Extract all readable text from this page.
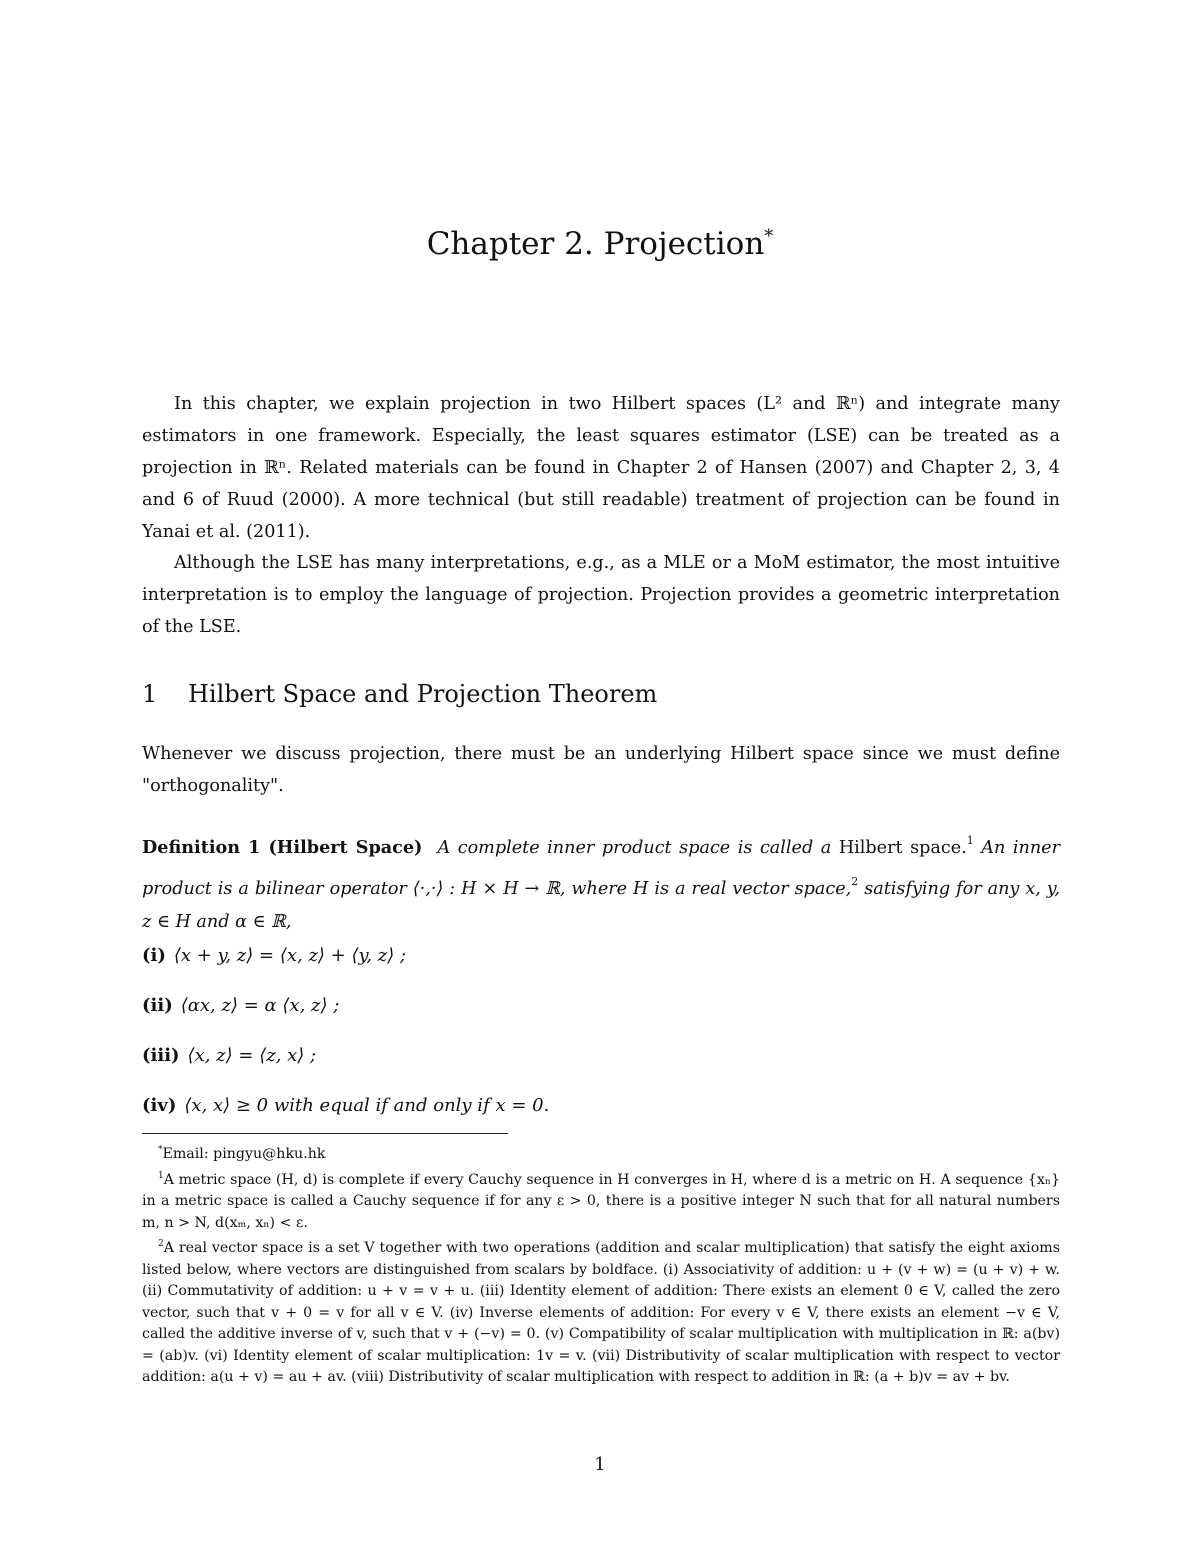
Chapter 2. Projection*

In this chapter, we explain projection in two Hilbert spaces (L² and ℝⁿ) and integrate many estimators in one framework. Especially, the least squares estimator (LSE) can be treated as a projection in ℝⁿ. Related materials can be found in Chapter 2 of Hansen (2007) and Chapter 2, 3, 4 and 6 of Ruud (2000). A more technical (but still readable) treatment of projection can be found in Yanai et al. (2011).

Although the LSE has many interpretations, e.g., as a MLE or a MoM estimator, the most intuitive interpretation is to employ the language of projection. Projection provides a geometric interpretation of the LSE.

1 Hilbert Space and Projection Theorem

Whenever we discuss projection, there must be an underlying Hilbert space since we must define "orthogonality".

Definition 1 (Hilbert Space) A complete inner product space is called a Hilbert space.$^1$ An inner product is a bilinear operator ⟨·,·⟩ : H × H → ℝ, where H is a real vector space,$^2$ satisfying for any x, y, z ∈ H and α ∈ ℝ,

(i) ⟨x + y, z⟩ = ⟨x, z⟩ + ⟨y, z⟩ ;

(ii) ⟨αx, z⟩ = α ⟨x, z⟩ ;

(iii) ⟨x, z⟩ = ⟨z, x⟩ ;

(iv) ⟨x, x⟩ ≥ 0 with equal if and only if x = 0.

*Email: pingyu@hku.hk

$^1$A metric space (H, d) is complete if every Cauchy sequence in H converges in H, where d is a metric on H. A sequence {xₙ} in a metric space is called a Cauchy sequence if for any ε > 0, there is a positive integer N such that for all natural numbers m, n > N, d(xₘ, xₙ) < ε.

$^2$A real vector space is a set V together with two operations (addition and scalar multiplication) that satisfy the eight axioms listed below, where vectors are distinguished from scalars by boldface. (i) Associativity of addition: u + (v + w) = (u + v) + w. (ii) Commutativity of addition: u + v = v + u. (iii) Identity element of addition: There exists an element 0 ∈ V, called the zero vector, such that v + 0 = v for all v ∈ V. (iv) Inverse elements of addition: For every v ∈ V, there exists an element −v ∈ V, called the additive inverse of v, such that v + (−v) = 0. (v) Compatibility of scalar multiplication with multiplication in ℝ: a(bv) = (ab)v. (vi) Identity element of scalar multiplication: 1v = v. (vii) Distributivity of scalar multiplication with respect to vector addition: a(u + v) = au + av. (viii) Distributivity of scalar multiplication with respect to addition in ℝ: (a + b)v = av + bv.

1
